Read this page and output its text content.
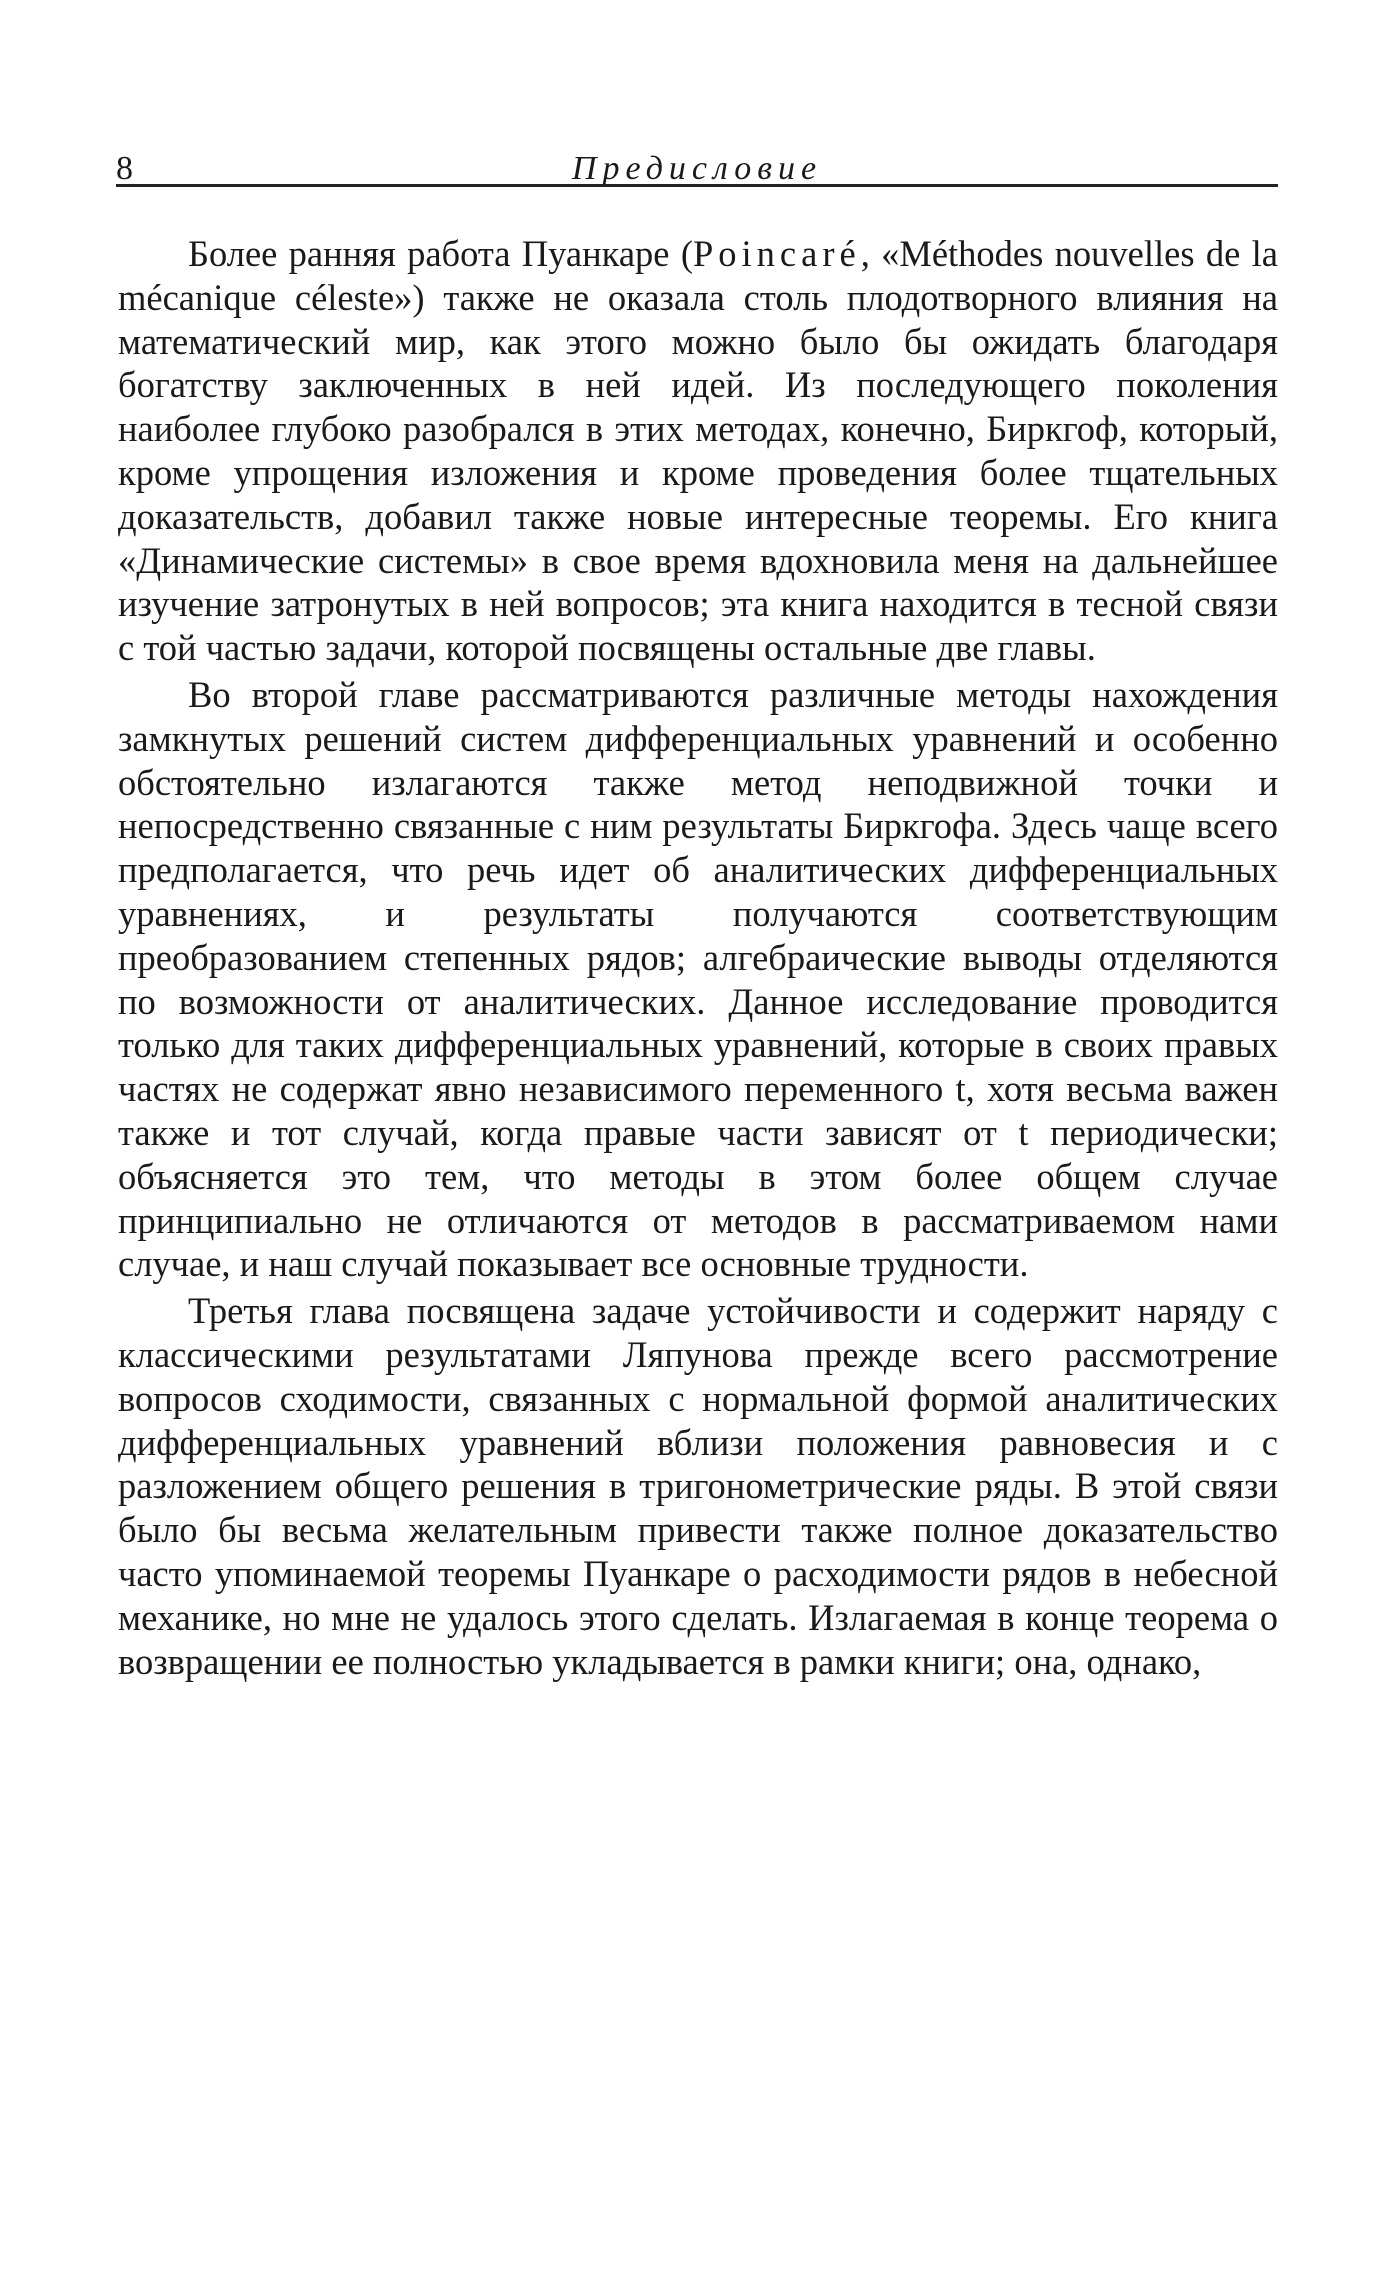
8	Предисловие

Более ранняя работа Пуанкаре (Poincaré, «Méthodes nouvelles de la mécanique céleste») также не оказала столь плодотворного влияния на математический мир, как этого можно было бы ожидать благодаря богатству заключенных в ней идей. Из последующего поколения наиболее глубоко разобрался в этих методах, конечно, Биркгоф, который, кроме упрощения изложения и кроме проведения более тщательных доказательств, добавил также новые интересные теоремы. Его книга «Динамические системы» в свое время вдохновила меня на дальнейшее изучение затронутых в ней вопросов; эта книга находится в тесной связи с той частью задачи, которой посвящены остальные две главы.

Во второй главе рассматриваются различные методы нахождения замкнутых решений систем дифференциальных уравнений и особенно обстоятельно излагаются также метод неподвижной точки и непосредственно связанные с ним результаты Биркгофа. Здесь чаще всего предполагается, что речь идет об аналитических дифференциальных уравнениях, и результаты получаются соответствующим преобразованием степенных рядов; алгебраические выводы отделяются по возможности от аналитических. Данное исследование проводится только для таких дифференциальных уравнений, которые в своих правых частях не содержат явно независимого переменного t, хотя весьма важен также и тот случай, когда правые части зависят от t периодически; объясняется это тем, что методы в этом более общем случае принципиально не отличаются от методов в рассматриваемом нами случае, и наш случай показывает все основные трудности.

Третья глава посвящена задаче устойчивости и содержит наряду с классическими результатами Ляпунова прежде всего рассмотрение вопросов сходимости, связанных с нормальной формой аналитических дифференциальных уравнений вблизи положения равновесия и с разложением общего решения в тригонометрические ряды. В этой связи было бы весьма желательным привести также полное доказательство часто упоминаемой теоремы Пуанкаре о расходимости рядов в небесной механике, но мне не удалось этого сделать. Излагаемая в конце теорема о возвращении ее полностью укладывается в рамки книги; она, однако,
